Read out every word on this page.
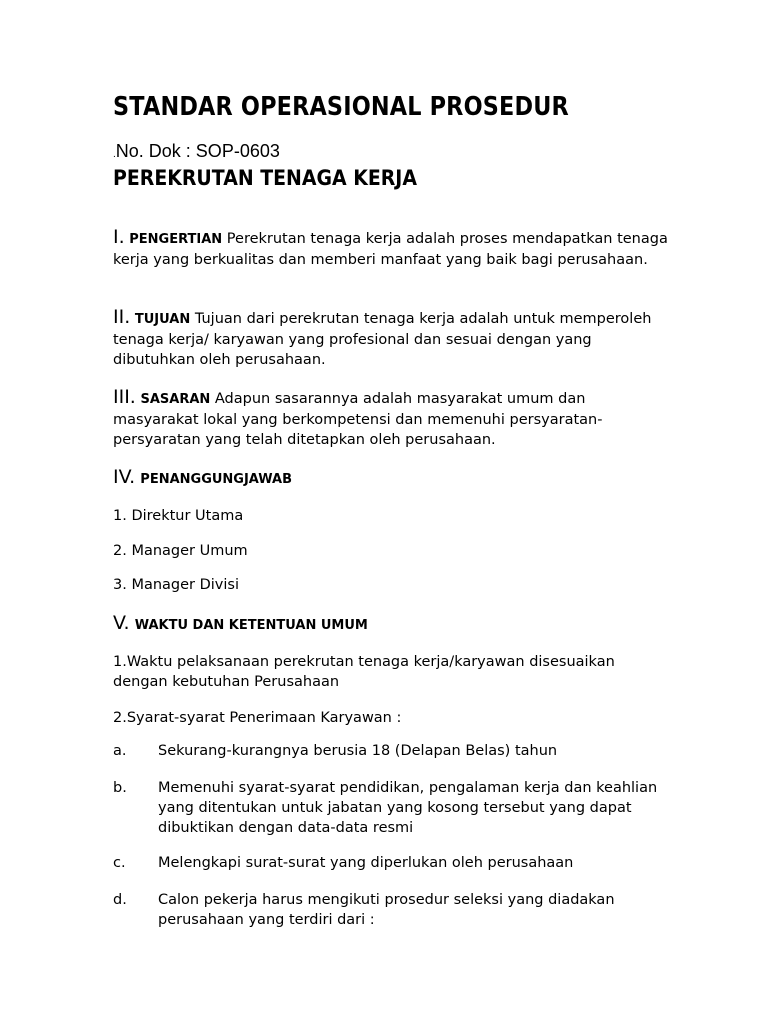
STANDAR OPERASIONAL PROSEDUR
.No. Dok : SOP-0603
PEREKRUTAN TENAGA KERJA
I. PENGERTIAN Perekrutan tenaga kerja adalah proses mendapatkan tenaga kerja yang berkualitas dan memberi manfaat yang baik bagi perusahaan.
II. TUJUAN Tujuan dari perekrutan tenaga kerja adalah untuk memperoleh tenaga kerja/ karyawan yang profesional dan sesuai dengan yang dibutuhkan oleh perusahaan.
III. SASARAN Adapun sasarannya adalah masyarakat umum dan masyarakat lokal yang berkompetensi dan memenuhi persyaratan-persyaratan yang telah ditetapkan oleh perusahaan.
IV. PENANGGUNGJAWAB
1. Direktur Utama
2. Manager Umum
3. Manager Divisi
V. WAKTU DAN KETENTUAN UMUM
1.Waktu pelaksanaan perekrutan tenaga kerja/karyawan disesuaikan dengan kebutuhan Perusahaan
2.Syarat-syarat Penerimaan Karyawan :
a. Sekurang-kurangnya berusia 18 (Delapan Belas) tahun
b. Memenuhi syarat-syarat pendidikan, pengalaman kerja dan keahlian yang ditentukan untuk jabatan yang kosong tersebut yang dapat dibuktikan dengan data-data resmi
c. Melengkapi surat-surat yang diperlukan oleh perusahaan
d. Calon pekerja harus mengikuti prosedur seleksi yang diadakan perusahaan yang terdiri dari :
